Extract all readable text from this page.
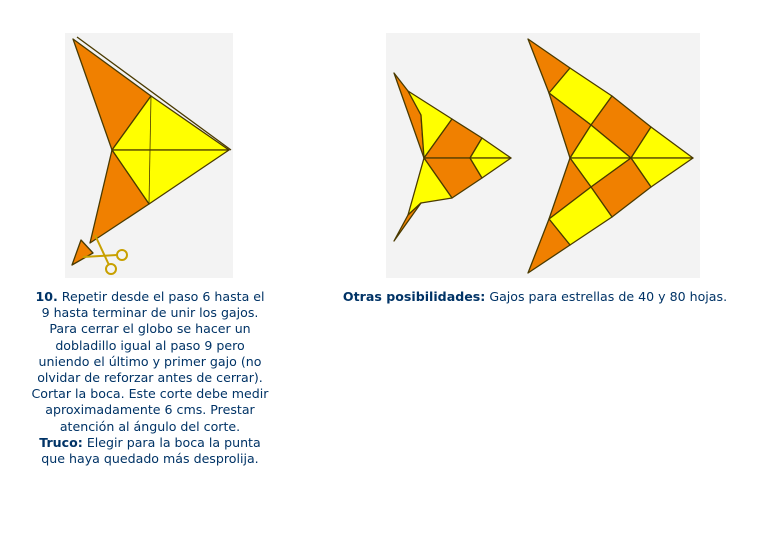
10. Repetir desde el paso 6 hasta el 9 hasta terminar de unir los gajos. Para cerrar el globo se hacer un dobladillo igual al paso 9 pero uniendo el último y primer gajo (no olvidar de reforzar antes de cerrar). Cortar la boca. Este corte debe medir aproximadamente 6 cms. Prestar atención al ángulo del corte.
Truco: Elegir para la boca la punta que haya quedado más desprolija.
Otras posibilidades: Gajos para estrellas de 40 y 80 hojas.
